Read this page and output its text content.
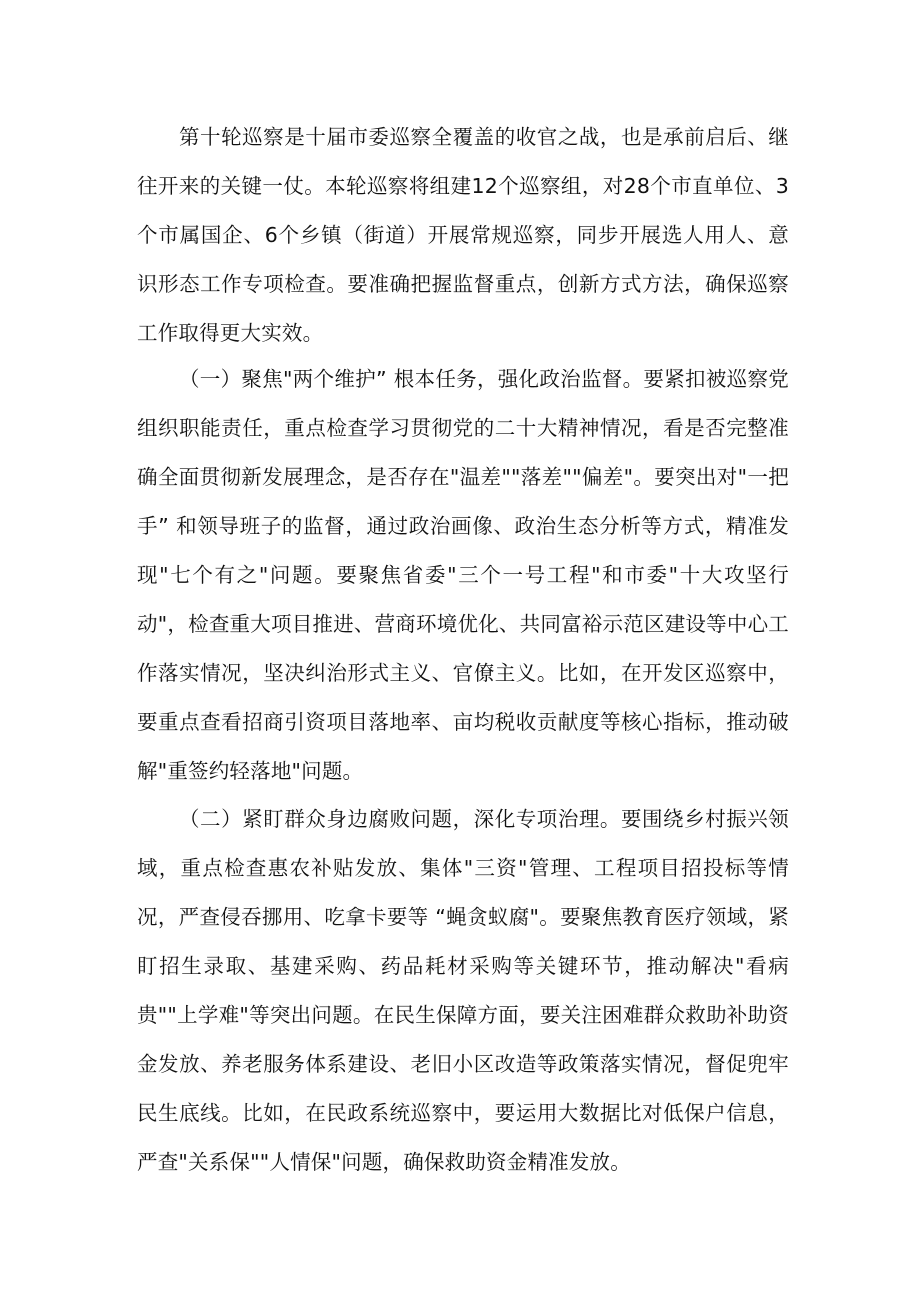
第十轮巡察是十届市委巡察全覆盖的收官之战，也是承前启后、继往开来的关键一仗。本轮巡察将组建12个巡察组，对28个市直单位、3个市属国企、6个乡镇（街道）开展常规巡察，同步开展选人用人、意识形态工作专项检查。要准确把握监督重点，创新方式方法，确保巡察工作取得更大实效。

（一）聚焦"两个维护” 根本任务，强化政治监督。要紧扣被巡察党组织职能责任，重点检查学习贯彻党的二十大精神情况，看是否完整准确全面贯彻新发展理念，是否存在"温差""落差""偏差"。要突出对"一把手” 和领导班子的监督，通过政治画像、政治生态分析等方式，精准发现"七个有之"问题。要聚焦省委"三个一号工程"和市委"十大攻坚行动"，检查重大项目推进、营商环境优化、共同富裕示范区建设等中心工作落实情况，坚决纠治形式主义、官僚主义。比如，在开发区巡察中，要重点查看招商引资项目落地率、亩均税收贡献度等核心指标，推动破解"重签约轻落地"问题。

（二）紧盯群众身边腐败问题，深化专项治理。要围绕乡村振兴领域，重点检查惠农补贴发放、集体"三资"管理、工程项目招投标等情况，严查侵吞挪用、吃拿卡要等 “蝇贪蚁腐"。要聚焦教育医疗领域，紧盯招生录取、基建采购、药品耗材采购等关键环节，推动解决"看病贵""上学难"等突出问题。在民生保障方面，要关注困难群众救助补助资金发放、养老服务体系建设、老旧小区改造等政策落实情况，督促兜牢民生底线。比如，在民政系统巡察中，要运用大数据比对低保户信息，严查"关系保""人情保"问题，确保救助资金精准发放。
